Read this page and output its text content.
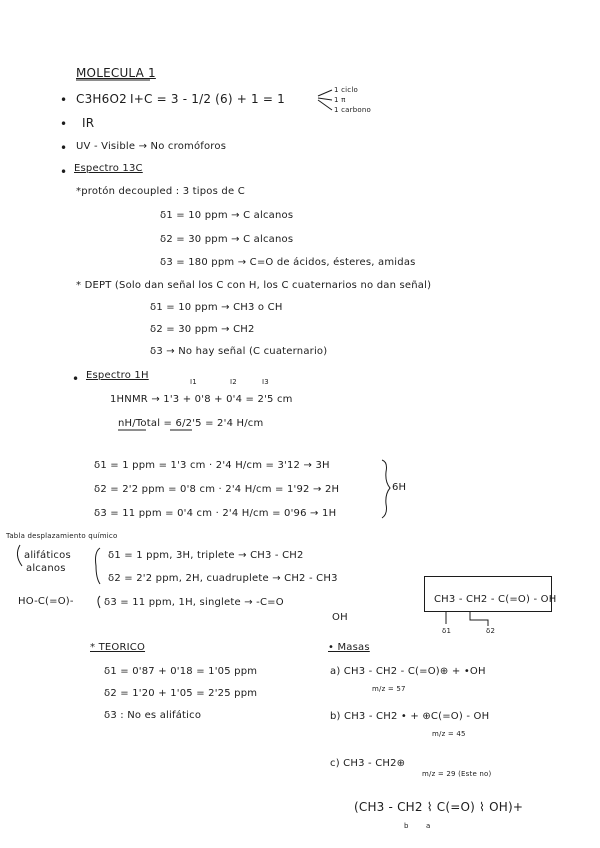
MOLECULA 1
• C3H6O2 I+C = 3 - 1/2 (6) + 1 = 1
1 ciclo
1 π
1 carbono
• IR
• UV - Visible → No cromóforos
• Espectro 13C
*protón decoupled : 3 tipos de C
δ1 = 10 ppm → C alcanos
δ2 = 30 ppm → C alcanos
δ3 = 180 ppm → C=O de ácidos, ésteres, amidas
* DEPT (Solo dan señal los C con H, los C cuaternarios no dan señal)
δ1 = 10 ppm → CH3 o CH
δ2 = 30 ppm → CH2
δ3 → No hay señal (C cuaternario)
• Espectro 1H
I1	I2	I3
1HNMR → 1'3 + 0'8 + 0'4 = 2'5 cm
nH/Total = 6/2'5 = 2'4 H/cm
δ1 = 1 ppm = 1'3 cm · 2'4 H/cm = 3'12 → 3H
δ2 = 2'2 ppm = 0'8 cm · 2'4 H/cm = 1'92 → 2H
δ3 = 11 ppm = 0'4 cm · 2'4 H/cm = 0'96 → 1H
6H
Tabla desplazamiento químico
alifáticos
alcanos
HO-C(=O)-
δ1 = 1 ppm, 3H, triplete → CH3 - CH2
δ2 = 2'2 ppm, 2H, cuadruplete → CH2 - CH3
δ3 = 11 ppm, 1H, singlete → -C=O
OH
CH3 - CH2 - C(=O) - OH
δ1	δ2
* TEORICO
δ1 = 0'87 + 0'18 = 1'05 ppm
δ2 = 1'20 + 1'05 = 2'25 ppm
δ3 : No es alifático
• Masas
a) CH3 - CH2 - C(=O)⊕ + •OH
m/z = 57
b) CH3 - CH2 • + ⊕C(=O) - OH
m/z = 45
c) CH3 - CH2⊕
m/z = 29 (Este no)
(CH3 - CH2 ⌇ C(=O) ⌇ OH)+
b a
